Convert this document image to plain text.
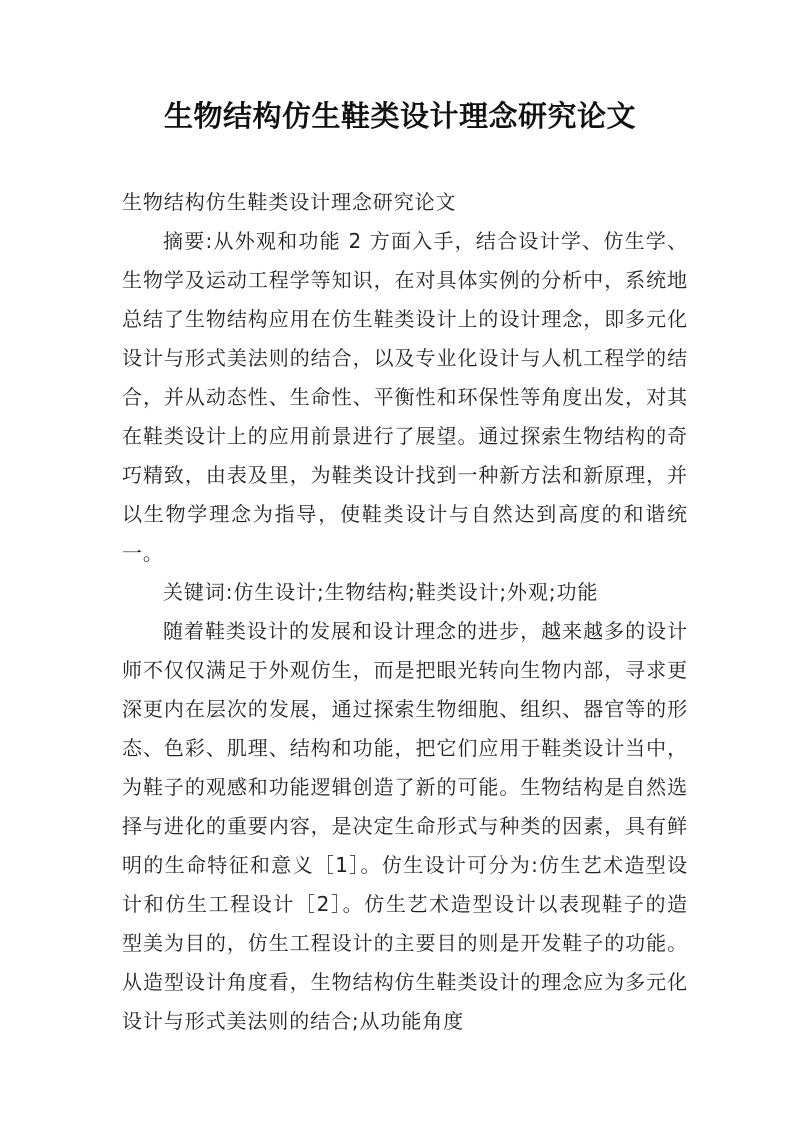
生物结构仿生鞋类设计理念研究论文

生物结构仿生鞋类设计理念研究论文

摘要:从外观和功能 2 方面入手，结合设计学、仿生学、生物学及运动工程学等知识，在对具体实例的分析中，系统地总结了生物结构应用在仿生鞋类设计上的设计理念，即多元化设计与形式美法则的结合，以及专业化设计与人机工程学的结合，并从动态性、生命性、平衡性和环保性等角度出发，对其在鞋类设计上的应用前景进行了展望。通过探索生物结构的奇巧精致，由表及里，为鞋类设计找到一种新方法和新原理，并以生物学理念为指导，使鞋类设计与自然达到高度的和谐统一。

关键词:仿生设计;生物结构;鞋类设计;外观;功能

随着鞋类设计的发展和设计理念的进步，越来越多的设计师不仅仅满足于外观仿生，而是把眼光转向生物内部，寻求更深更内在层次的发展，通过探索生物细胞、组织、器官等的形态、色彩、肌理、结构和功能，把它们应用于鞋类设计当中，为鞋子的观感和功能逻辑创造了新的可能。生物结构是自然选择与进化的重要内容，是决定生命形式与种类的因素，具有鲜明的生命特征和意义［1］。仿生设计可分为:仿生艺术造型设计和仿生工程设计［2］。仿生艺术造型设计以表现鞋子的造型美为目的，仿生工程设计的主要目的则是开发鞋子的功能。从造型设计角度看，生物结构仿生鞋类设计的理念应为多元化设计与形式美法则的结合;从功能角度
